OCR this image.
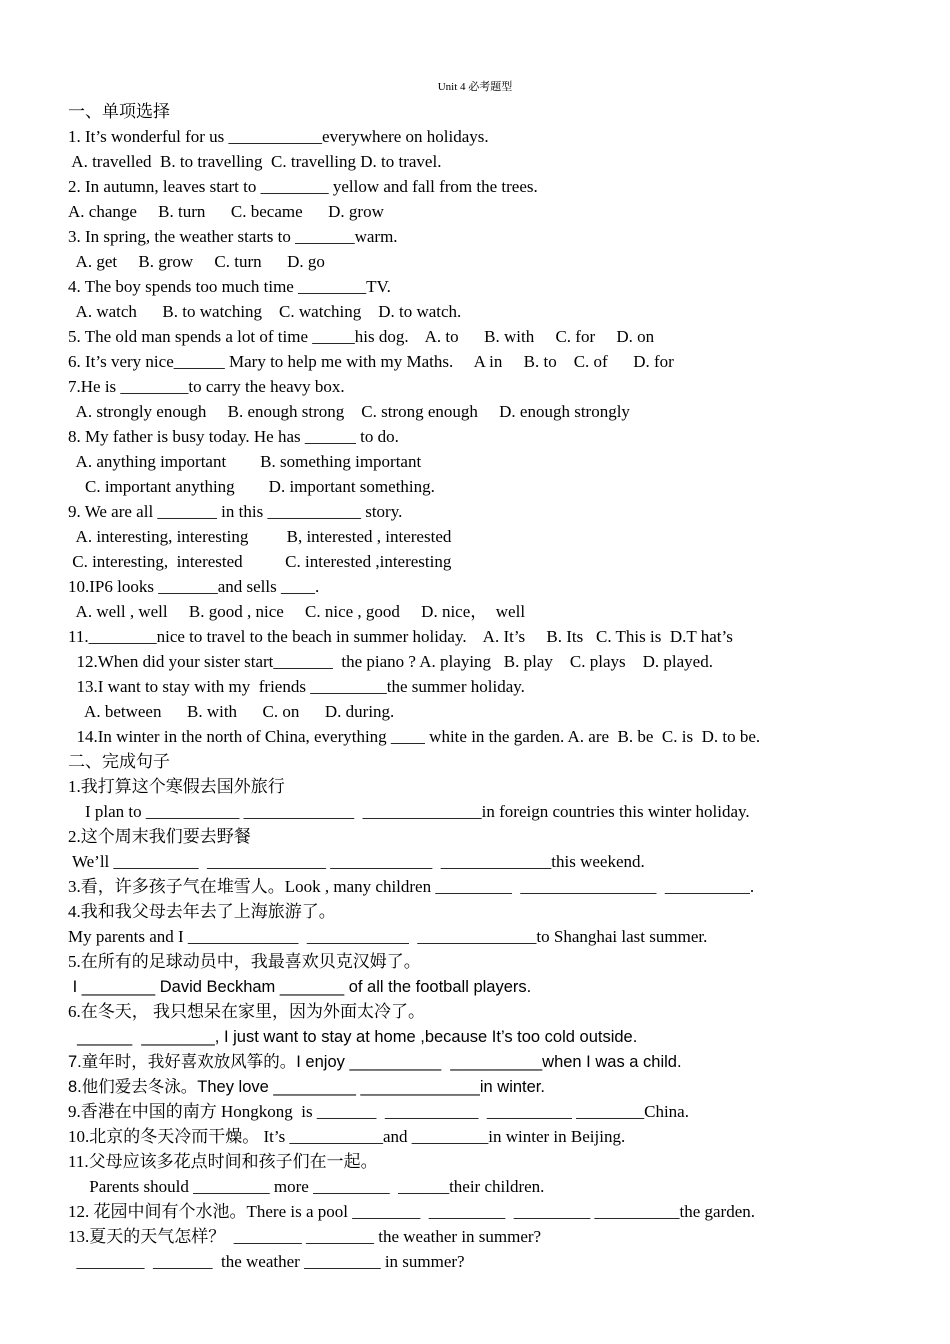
Unit 4 必考题型
一、单项选择
1. It’s wonderful for us ___________everywhere on holidays.
A. travelled  B. to travelling  C. travelling D. to travel.
2. In autumn, leaves start to ________ yellow and fall from the trees.
A. change     B. turn      C. became      D. grow
3. In spring, the weather starts to _______warm.
A. get     B. grow     C. turn      D. go
4. The boy spends too much time ________TV.
A. watch      B. to watching    C. watching    D. to watch.
5. The old man spends a lot of time _____his dog.    A. to      B. with     C. for     D. on
6. It’s very nice______ Mary to help me with my Maths.     A in     B. to    C. of      D. for
7.He is ________to carry the heavy box.
A. strongly enough     B. enough strong    C. strong enough     D. enough strongly
8. My father is busy today. He has ______ to do.
A. anything important        B. something important
C. important anything        D. important something.
9. We are all _______ in this ___________ story.
A. interesting, interesting         B, interested , interested
C. interesting,  interested          C. interested ,interesting
10.IP6 looks _______and sells ____.
A. well , well     B. good , nice     C. nice , good     D. nice，  well
11.________nice to travel to the beach in summer holiday.    A. It’s     B. Its   C. This is  D.T hat’s
12.When did your sister start_______  the piano ? A. playing   B. play    C. plays    D. played.
13.I want to stay with my  friends _________the summer holiday.
A. between      B. with      C. on      D. during.
14.In winter in the north of China, everything ____ white in the garden. A. are  B. be  C. is  D. to be.
二、完成句子
1.我打算这个寒假去国外旅行
I plan to ___________ _____________  ______________in foreign countries this winter holiday.
2.这个周末我们要去野餐
We’ll __________  ______________ ____________  _____________this weekend.
3.看，许多孩子气在堆雪人。Look , many children _________  ________________  __________.
4.我和我父母去年去了上海旅游了。
My parents and I _____________  ____________  ______________to Shanghai last summer.
5.在所有的足球动员中，我最喜欢贝克汉姆了。
I ________ David Beckham _______ of all the football players.
6.在冬天， 我只想呆在家里，因为外面太冷了。
______  ________, I just want to stay at home ,because It’s too cold outside.
7.童年时，我好喜欢放风筝的。I enjoy __________  __________when I was a child.
8.他们爱去冬泳。They love _________ _____________in winter.
9.香港在中国的南方 Hongkong  is _______  ___________  __________ ________China.
10.北京的冬天冷而干燥。 It’s ___________and _________in winter in Beijing.
11.父母应该多花点时间和孩子们在一起。
Parents should _________ more _________  ______their children.
12. 花园中间有个水池。There is a pool ________  _________  _________ __________the garden.
13.夏天的天气怎样？  ________ ________ the weather in summer?
________  _______  the weather _________ in summer?
